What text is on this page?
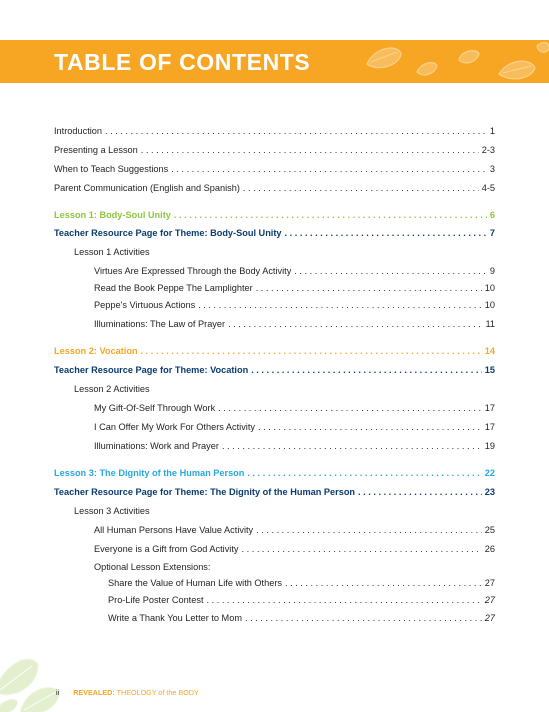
TABLE OF CONTENTS
Introduction . . .	1
Presenting a Lesson . . .	2-3
When to Teach Suggestions . . .	3
Parent Communication (English and Spanish) . . .	4-5
Lesson 1: Body-Soul Unity . . .	6
Teacher Resource Page for Theme: Body-Soul Unity . . .	7
Lesson 1 Activities
Virtues Are Expressed Through the Body Activity . . .	9
Read the Book Peppe The Lamplighter . . .	10
Peppe's Virtuous Actions . . .	10
Illuminations: The Law of Prayer . . .	11
Lesson 2: Vocation . . .	14
Teacher Resource Page for Theme: Vocation . . .	15
Lesson 2 Activities
My Gift-Of-Self Through Work . . .	17
I Can Offer My Work For Others Activity . . .	17
Illuminations: Work and Prayer . . .	19
Lesson 3: The Dignity of the Human Person . . .	22
Teacher Resource Page for Theme: The Dignity of the Human Person . . .	23
Lesson 3 Activities
All Human Persons Have Value Activity . . .	25
Everyone is a Gift from God Activity . . .	26
Optional Lesson Extensions:
Share the Value of Human Life with Others . . .	27
Pro-Life Poster Contest . . .	27
Write a Thank You Letter to Mom . . .	27
ii REVEALED: THEOLOGY of the BODY
